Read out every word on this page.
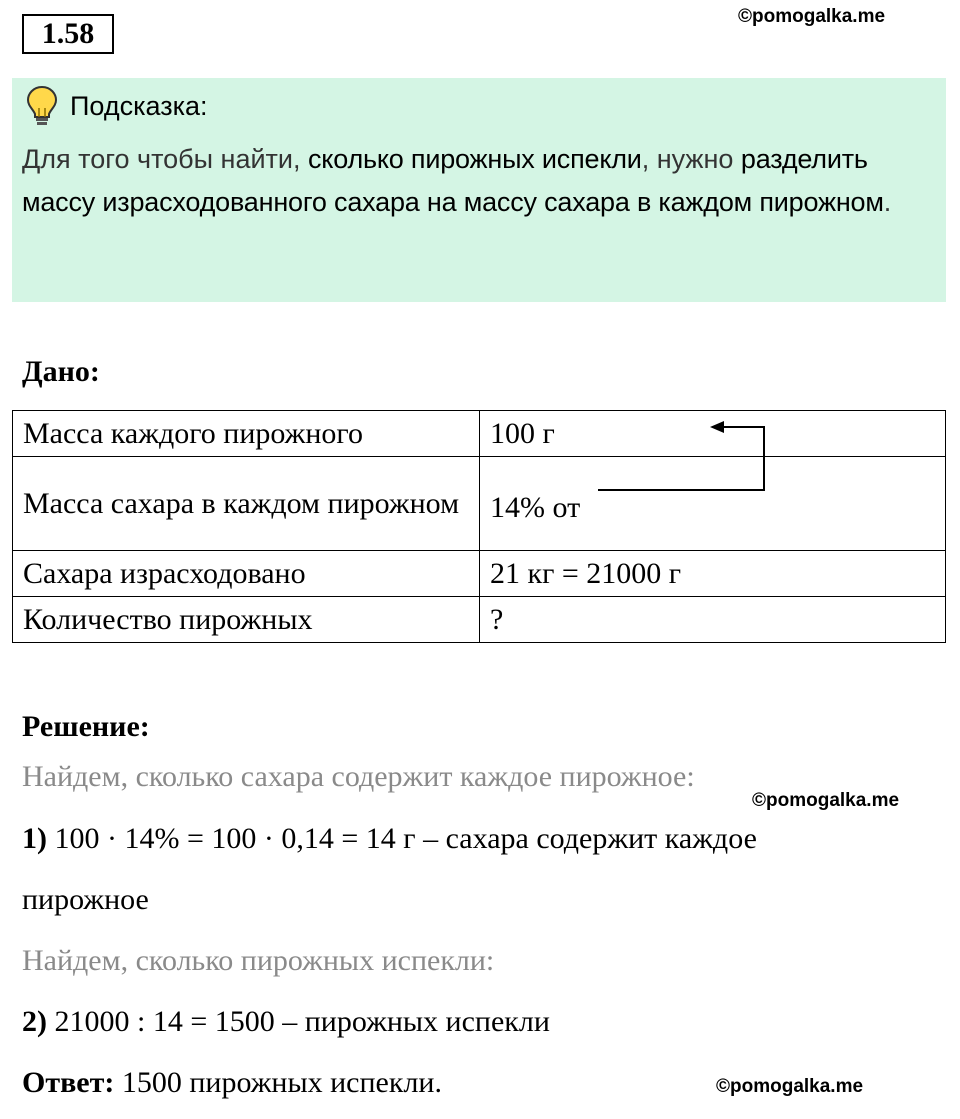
1.58
©pomogalka.me
Подсказка:
Для того чтобы найти, сколько пирожных испекли, нужно разделить массу израсходованного сахара на массу сахара в каждом пирожном.
Дано:
Масса каждого пирожного	100 г
Масса сахара в каждом пирожном	14% от
Сахара израсходовано	21 кг = 21000 г
Количество пирожных	?
Решение:
Найдем, сколько сахара содержит каждое пирожное:
©pomogalka.me
1) 100 · 14% = 100 · 0,14 = 14 г – сахара содержит каждое
пирожное
Найдем, сколько пирожных испекли:
2) 21000 : 14 = 1500 – пирожных испекли
Ответ: 1500 пирожных испекли.	©pomogalka.me
